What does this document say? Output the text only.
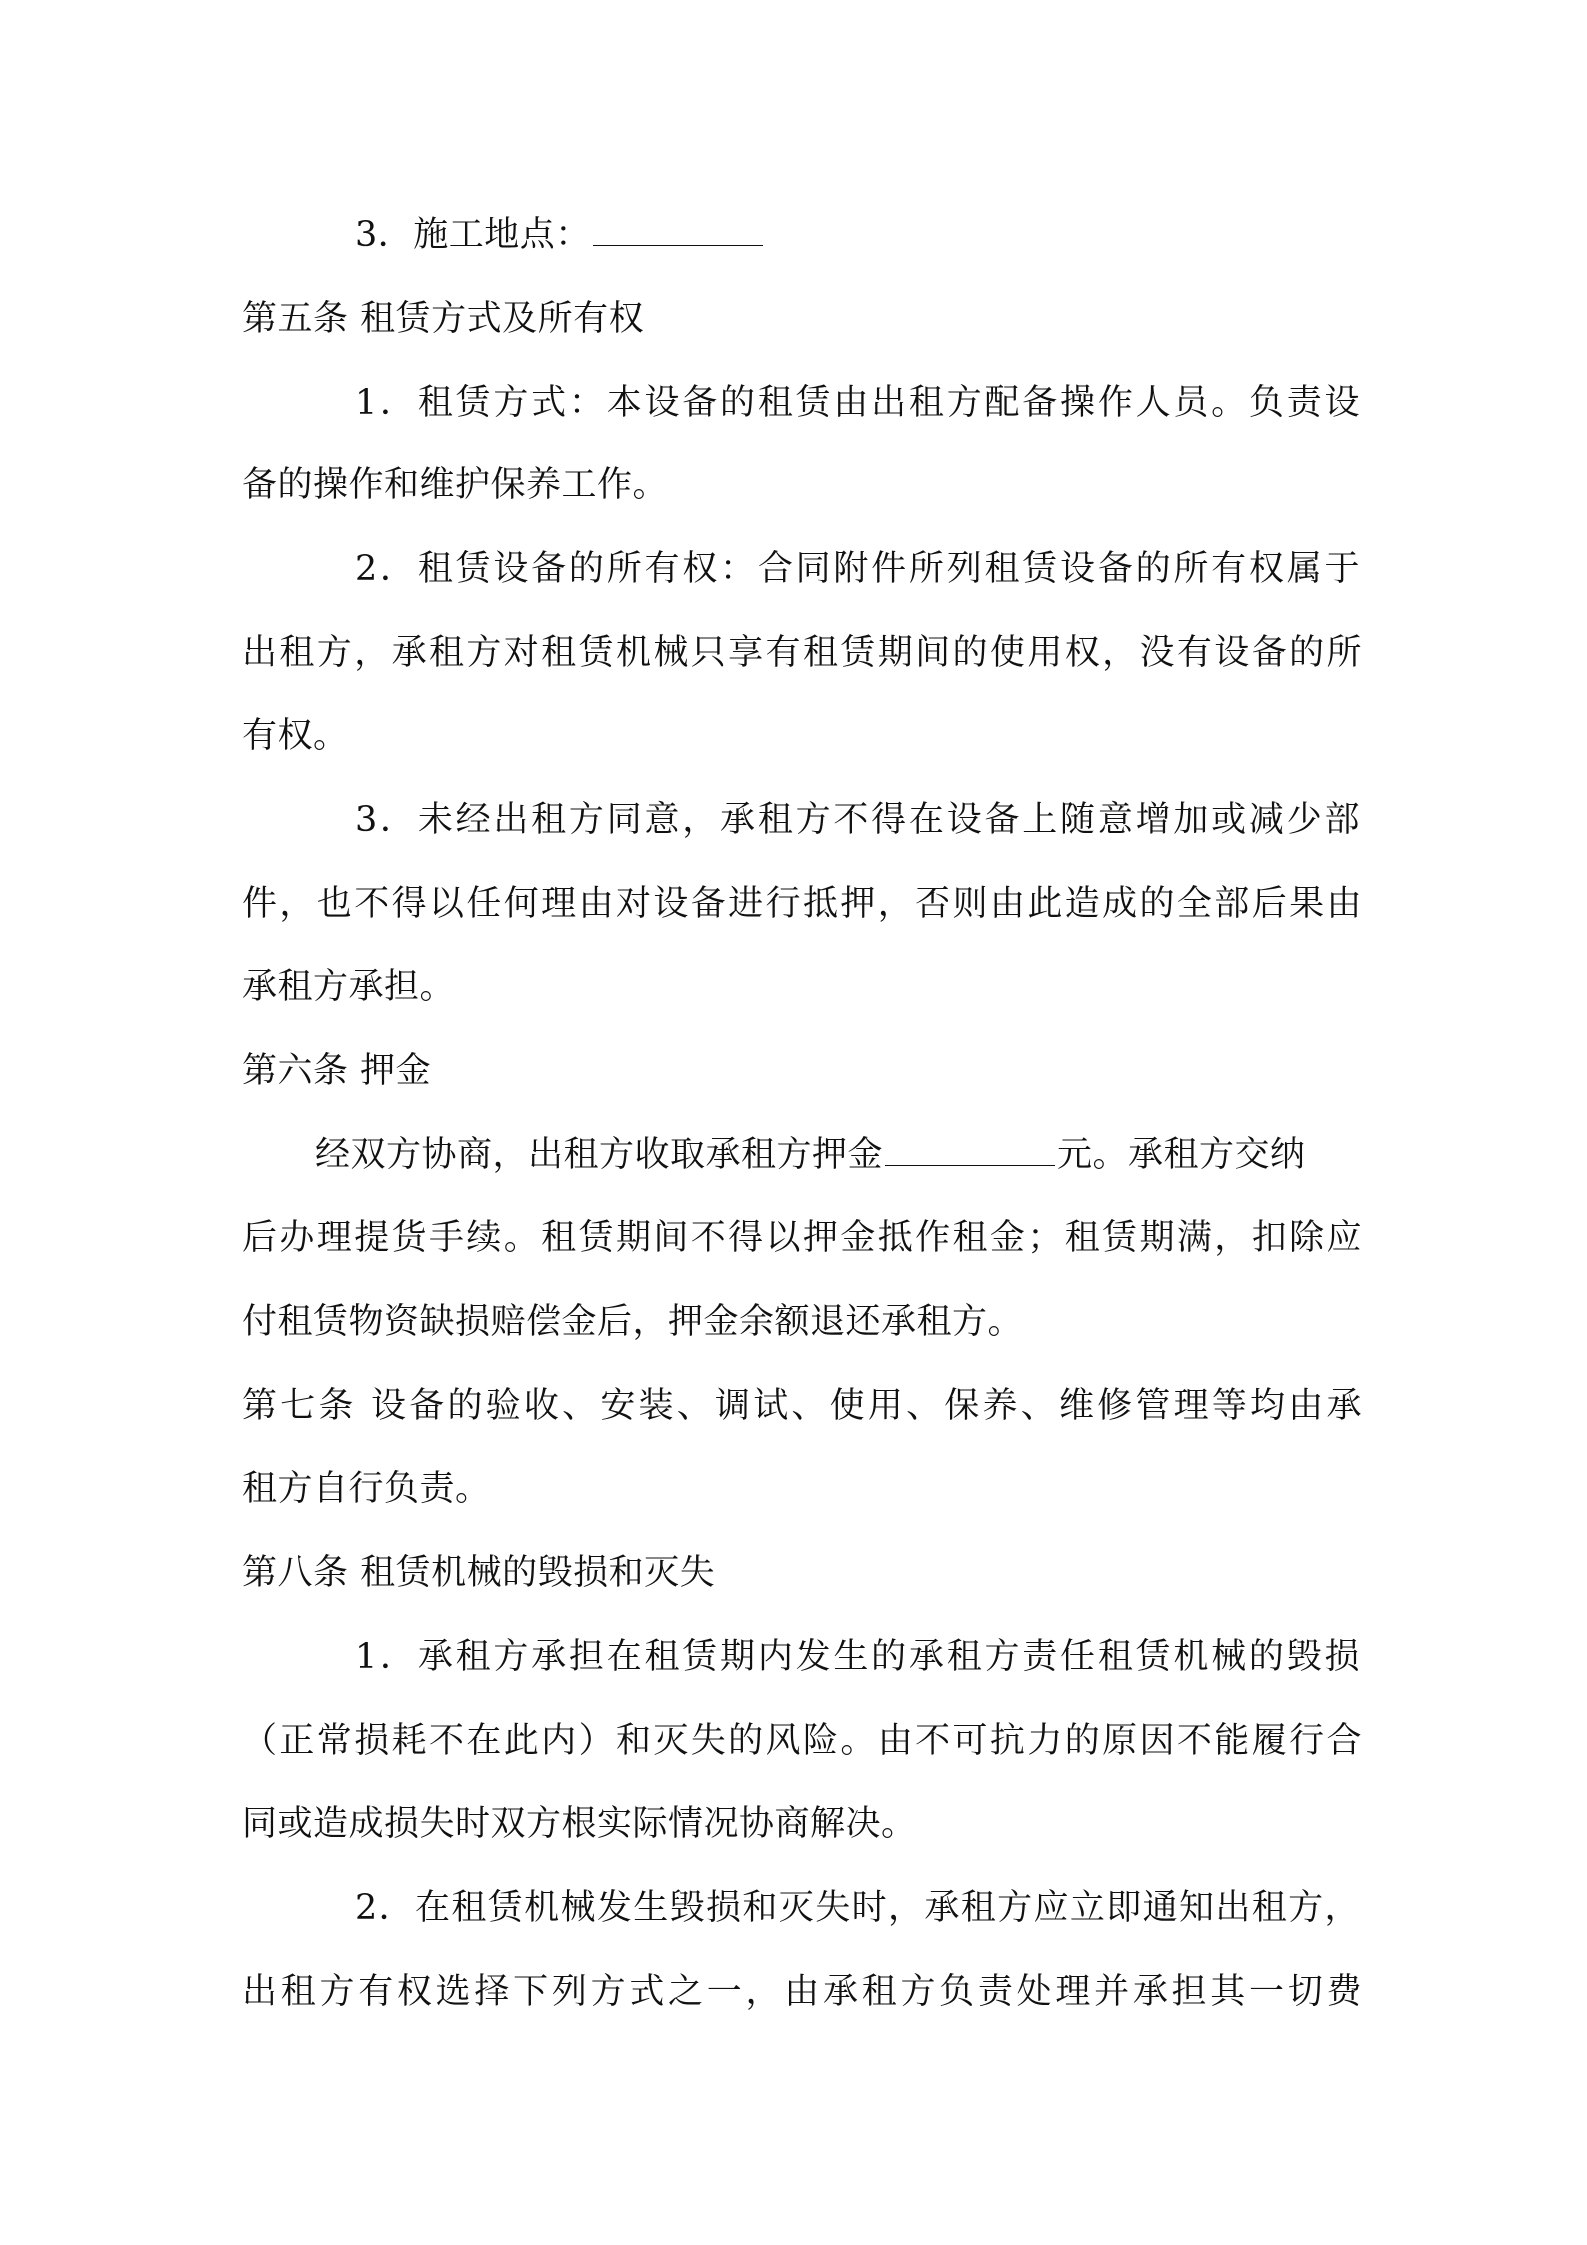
3．施工地点：
第五条 租赁方式及所有权
1．租赁方式：本设备的租赁由出租方配备操作人员。负责设
备的操作和维护保养工作。
2．租赁设备的所有权：合同附件所列租赁设备的所有权属于
出租方，承租方对租赁机械只享有租赁期间的使用权，没有设备的所
有权。
3．未经出租方同意，承租方不得在设备上随意增加或减少部
件，也不得以任何理由对设备进行抵押，否则由此造成的全部后果由
承租方承担。
第六条 押金
经双方协商，出租方收取承租方押金	元。承租方交纳
后办理提货手续。租赁期间不得以押金抵作租金；租赁期满，扣除应
付租赁物资缺损赔偿金后，押金余额退还承租方。
第七条 设备的验收、安装、调试、使用、保养、维修管理等均由承
租方自行负责。
第八条 租赁机械的毁损和灭失
1．承租方承担在租赁期内发生的承租方责任租赁机械的毁损
（正常损耗不在此内）和灭失的风险。由不可抗力的原因不能履行合
同或造成损失时双方根实际情况协商解决。
2．在租赁机械发生毁损和灭失时，承租方应立即通知出租方，
出租方有权选择下列方式之一，由承租方负责处理并承担其一切费
